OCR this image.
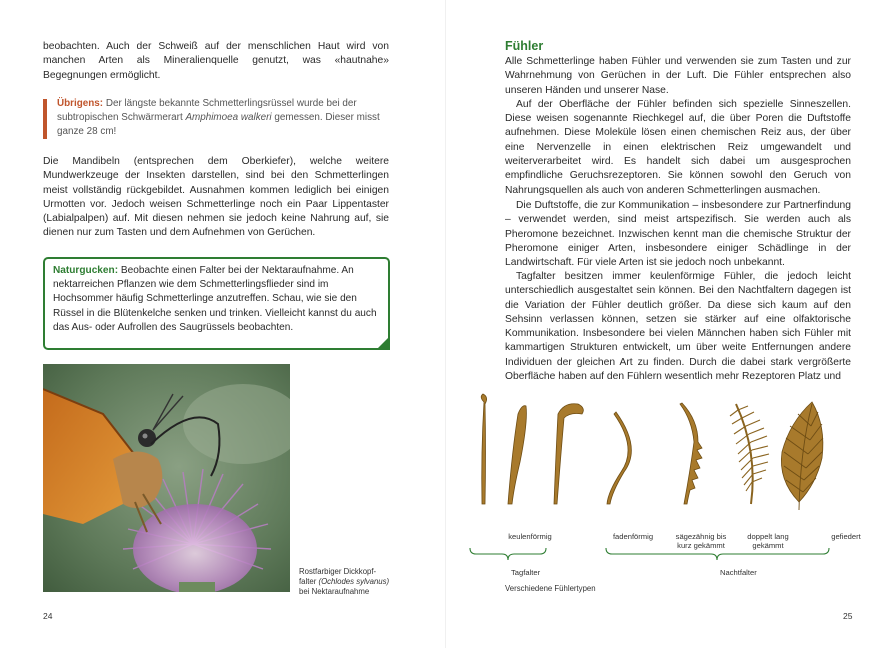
beobachten. Auch der Schweiß auf der menschlichen Haut wird von manchen Arten als Mineralienquelle genutzt, was «hautnahe» Begegnungen ermöglicht.

Übrigens: Der längste bekannte Schmetterlingsrüssel wurde bei der subtropischen Schwärmerart Amphimoea walkeri gemessen. Dieser misst ganze 28 cm!

Die Mandibeln (entsprechen dem Oberkiefer), welche weitere Mundwerkzeuge der Insekten darstellen, sind bei den Schmetterlingen meist vollständig rückgebildet. Ausnahmen kommen lediglich bei einigen Urmotten vor. Jedoch weisen Schmetterlinge noch ein Paar Lippentaster (Labialpalpen) auf. Mit diesen nehmen sie jedoch keine Nahrung auf, sie dienen nur zum Tasten und dem Aufnehmen von Gerüchen.

Naturgucken: Beobachte einen Falter bei der Nektaraufnahme. An nektarreichen Pflanzen wie dem Schmetterlingsflieder sind im Hochsommer häufig Schmetterlinge anzutreffen. Schau, wie sie den Rüssel in die Blütenkelche senken und trinken. Vielleicht kannst du auch das Aus- oder Aufrollen des Saugrüssels beobachten.

Rostfarbiger Dickkopf-
falter (Ochlodes sylvanus)
bei Nektaraufnahme

24
Fühler
Alle Schmetterlinge haben Fühler und verwenden sie zum Tasten und zur Wahrnehmung von Gerüchen in der Luft. Die Fühler entsprechen also unseren Händen und unserer Nase.
Auf der Oberfläche der Fühler befinden sich spezielle Sinneszellen. Diese weisen sogenannte Riechkegel auf, die über Poren die Duftstoffe aufnehmen. Diese Moleküle lösen einen chemischen Reiz aus, der über eine Nervenzelle in einen elektrischen Reiz umgewandelt und weiterverarbeitet wird. Es handelt sich dabei um ausgesprochen empfindliche Geruchsrezeptoren. Sie können sowohl den Geruch von Nahrungsquellen als auch von anderen Schmetterlingen ausmachen.

Die Duftstoffe, die zur Kommunikation – insbesondere zur Partnerfindung – verwendet werden, sind meist artspezifisch. Sie werden auch als Pheromone bezeichnet. Inzwischen kennt man die chemische Struktur der Pheromone einiger Arten, insbesondere einiger Schädlinge in der Landwirtschaft. Für viele Arten ist sie jedoch noch unbekannt.

Tagfalter besitzen immer keulenförmige Fühler, die jedoch leicht unterschiedlich ausgestaltet sein können. Bei den Nachtfaltern dagegen ist die Variation der Fühler deutlich größer. Da diese sich kaum auf den Sehsinn verlassen können, setzen sie stärker auf eine olfaktorische Kommunikation. Insbesondere bei vielen Männchen haben sich Fühler mit kammartigen Strukturen entwickelt, um über weite Entfernungen andere Individuen der gleichen Art zu finden. Durch die dabei stark vergrößerte Oberfläche haben auf den Fühlern wesentlich mehr Rezeptoren Platz und

keulenförmig	fadenförmig	sägezähnig bis
kurz gekämmt
doppelt lang
gekämmt
gefiedert
Tagfalter	Nachtfalter
Verschiedene Fühlertypen
25
